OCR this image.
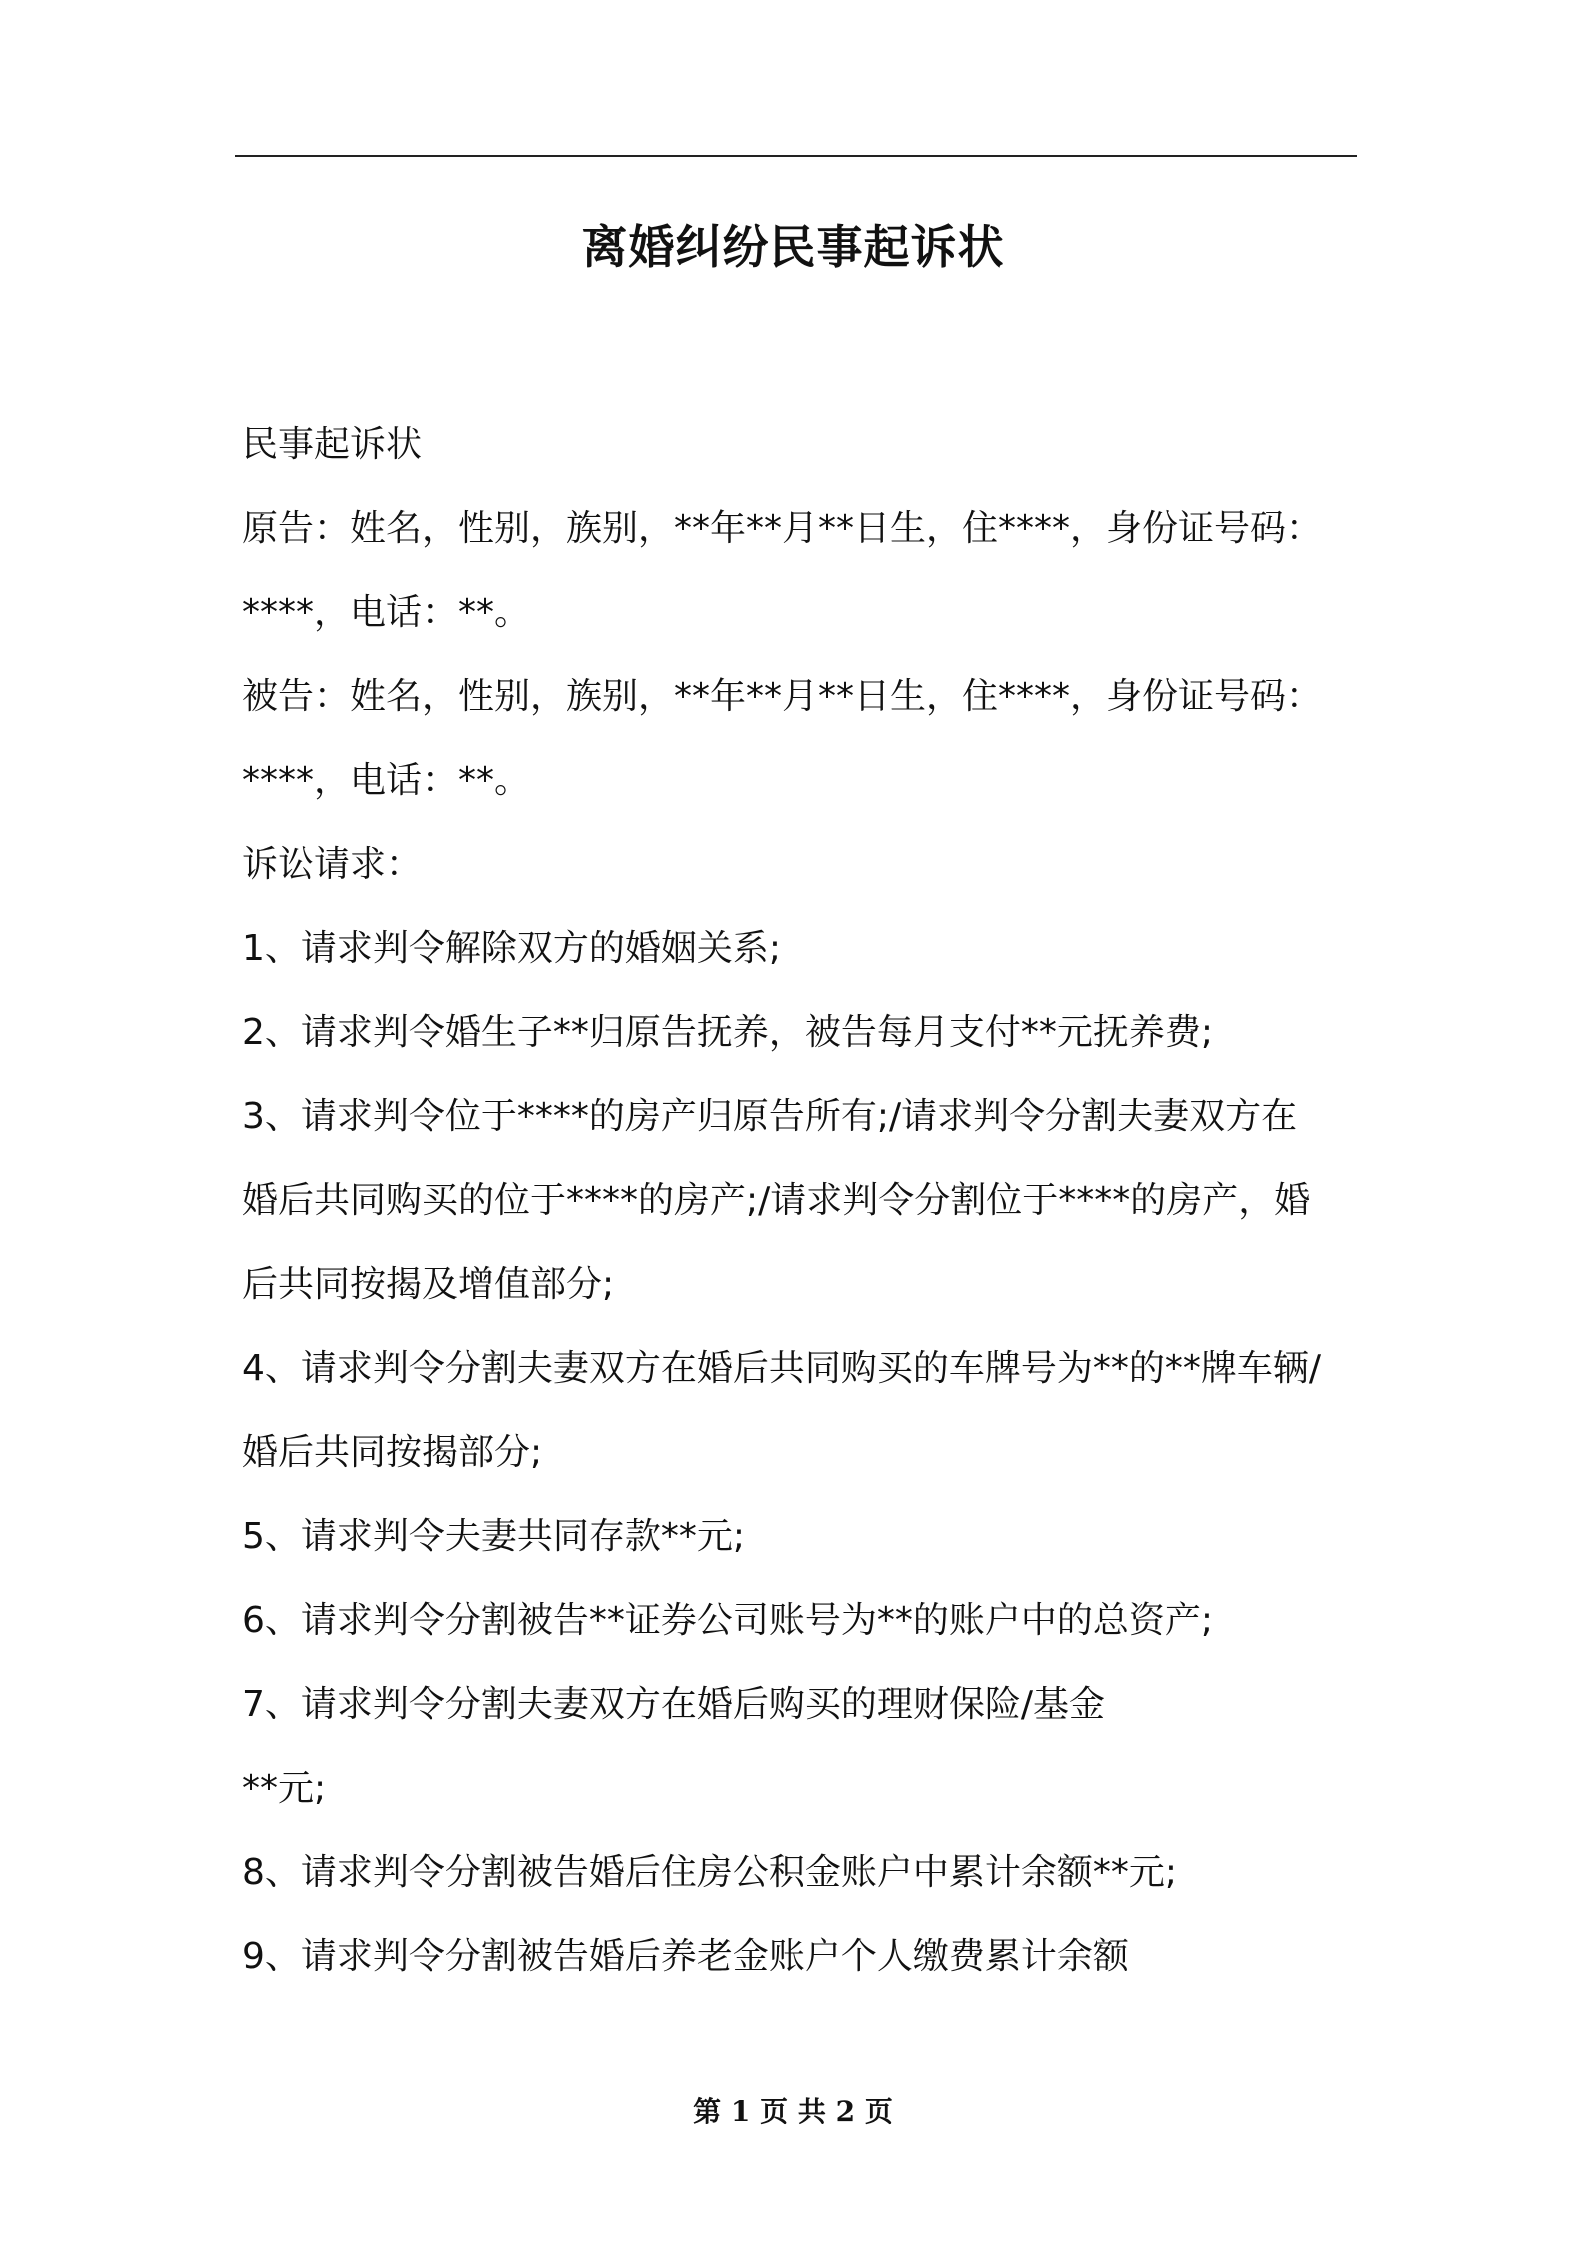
离婚纠纷民事起诉状

民事起诉状

原告：姓名，性别，族别，**年**月**日生，住****，身份证号码：

****，电话：**。

被告：姓名，性别，族别，**年**月**日生，住****，身份证号码：

****，电话：**。

诉讼请求：

1、请求判令解除双方的婚姻关系;

2、请求判令婚生子**归原告抚养，被告每月支付**元抚养费;

3、请求判令位于****的房产归原告所有;/请求判令分割夫妻双方在

婚后共同购买的位于****的房产;/请求判令分割位于****的房产，婚

后共同按揭及增值部分;

4、请求判令分割夫妻双方在婚后共同购买的车牌号为**的**牌车辆/

婚后共同按揭部分;

5、请求判令夫妻共同存款**元;

6、请求判令分割被告**证券公司账号为**的账户中的总资产;

7、请求判令分割夫妻双方在婚后购买的理财保险/基金

**元;

8、请求判令分割被告婚后住房公积金账户中累计余额**元;

9、请求判令分割被告婚后养老金账户个人缴费累计余额

第 1 页 共 2 页
